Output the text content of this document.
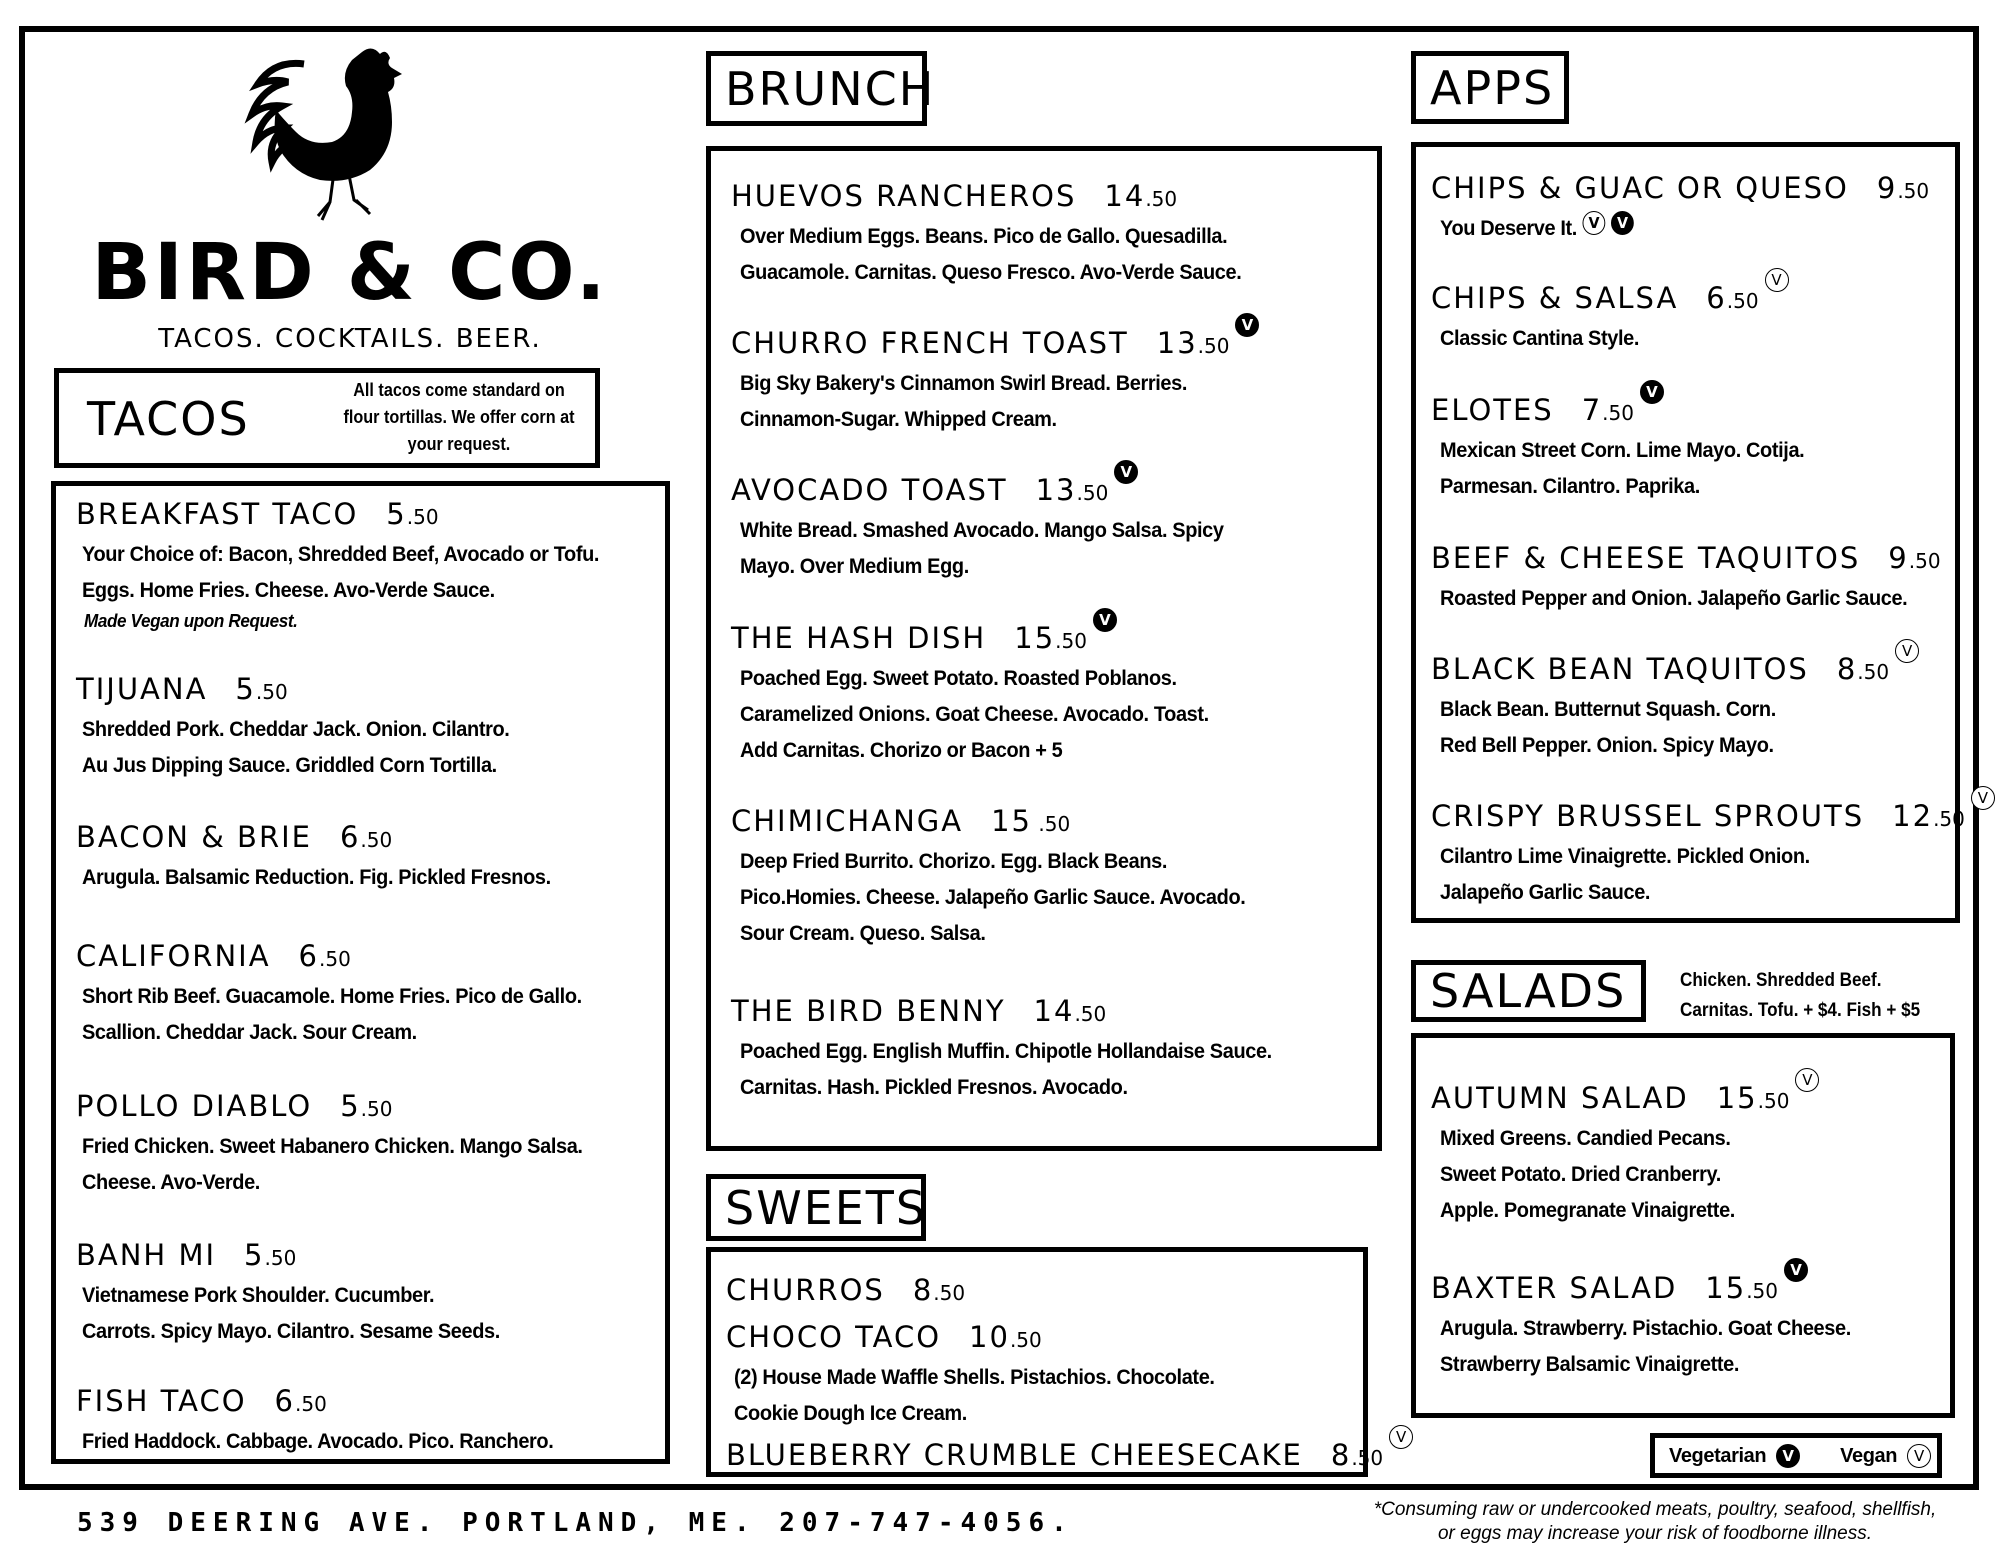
BIRD & CO.
TACOS. COCKTAILS. BEER.
TACOS
All tacos come standard on flour tortillas. We offer corn at your request.
BRUNCH
SWEETS
APPS
SALADS	Chicken. Shredded Beef.
Carnitas. Tofu. + $4. Fish + $5
Vegetarian	V	Vegan	V
539 DEERING AVE. PORTLAND, ME. 207-747-4056.	*Consuming raw or undercooked meats, poultry, seafood, shellfish,
or eggs may increase your risk of foodborne illness.
BREAKFAST TACO 5.50
Your Choice of: Bacon, Shredded Beef, Avocado or Tofu.
Eggs. Home Fries. Cheese. Avo-Verde Sauce.
Made Vegan upon Request.
TIJUANA 5.50
Shredded Pork. Cheddar Jack. Onion. Cilantro.
Au Jus Dipping Sauce. Griddled Corn Tortilla.
BACON & BRIE 6.50
Arugula. Balsamic Reduction. Fig. Pickled Fresnos.
CALIFORNIA 6.50
Short Rib Beef. Guacamole. Home Fries. Pico de Gallo.
Scallion. Cheddar Jack. Sour Cream.
POLLO DIABLO 5.50
Fried Chicken. Sweet Habanero Chicken. Mango Salsa.
Cheese. Avo-Verde.
BANH MI 5.50
Vietnamese Pork Shoulder. Cucumber.
Carrots. Spicy Mayo. Cilantro. Sesame Seeds.
FISH TACO 6.50
Fried Haddock. Cabbage. Avocado. Pico. Ranchero.
HUEVOS RANCHEROS 14.50
Over Medium Eggs. Beans. Pico de Gallo. Quesadilla.
Guacamole. Carnitas. Queso Fresco. Avo-Verde Sauce.
CHURRO FRENCH TOAST 13.50V
Big Sky Bakery's Cinnamon Swirl Bread. Berries.
Cinnamon-Sugar. Whipped Cream.
AVOCADO TOAST 13.50V
White Bread. Smashed Avocado. Mango Salsa. Spicy
Mayo. Over Medium Egg.
THE HASH DISH 15.50V
Poached Egg. Sweet Potato. Roasted Poblanos.
Caramelized Onions. Goat Cheese. Avocado. Toast.
Add Carnitas. Chorizo or Bacon + 5
CHIMICHANGA 15 .50
Deep Fried Burrito. Chorizo. Egg. Black Beans.
Pico.Homies. Cheese. Jalapeño Garlic Sauce. Avocado.
Sour Cream. Queso. Salsa.
THE BIRD BENNY 14.50
Poached Egg. English Muffin. Chipotle Hollandaise Sauce.
Carnitas. Hash. Pickled Fresnos. Avocado.
CHURROS 8.50
CHOCO TACO 10.50
(2) House Made Waffle Shells. Pistachios. Chocolate.
Cookie Dough Ice Cream.
BLUEBERRY CRUMBLE CHEESECAKE 8.50V
CHIPS & GUAC OR QUESO 9.50
You Deserve It. V V
CHIPS & SALSA 6.50V
Classic Cantina Style.
ELOTES 7.50V
Mexican Street Corn. Lime Mayo. Cotija.
Parmesan. Cilantro. Paprika.
BEEF & CHEESE TAQUITOS 9.50
Roasted Pepper and Onion. Jalapeño Garlic Sauce.
BLACK BEAN TAQUITOS 8.50V
Black Bean. Butternut Squash. Corn.
Red Bell Pepper. Onion. Spicy Mayo.
CRISPY BRUSSEL SPROUTS 12.50V
Cilantro Lime Vinaigrette. Pickled Onion.
Jalapeño Garlic Sauce.
AUTUMN SALAD 15.50V
Mixed Greens. Candied Pecans.
Sweet Potato. Dried Cranberry.
Apple. Pomegranate Vinaigrette.
BAXTER SALAD 15.50V
Arugula. Strawberry. Pistachio. Goat Cheese.
Strawberry Balsamic Vinaigrette.
